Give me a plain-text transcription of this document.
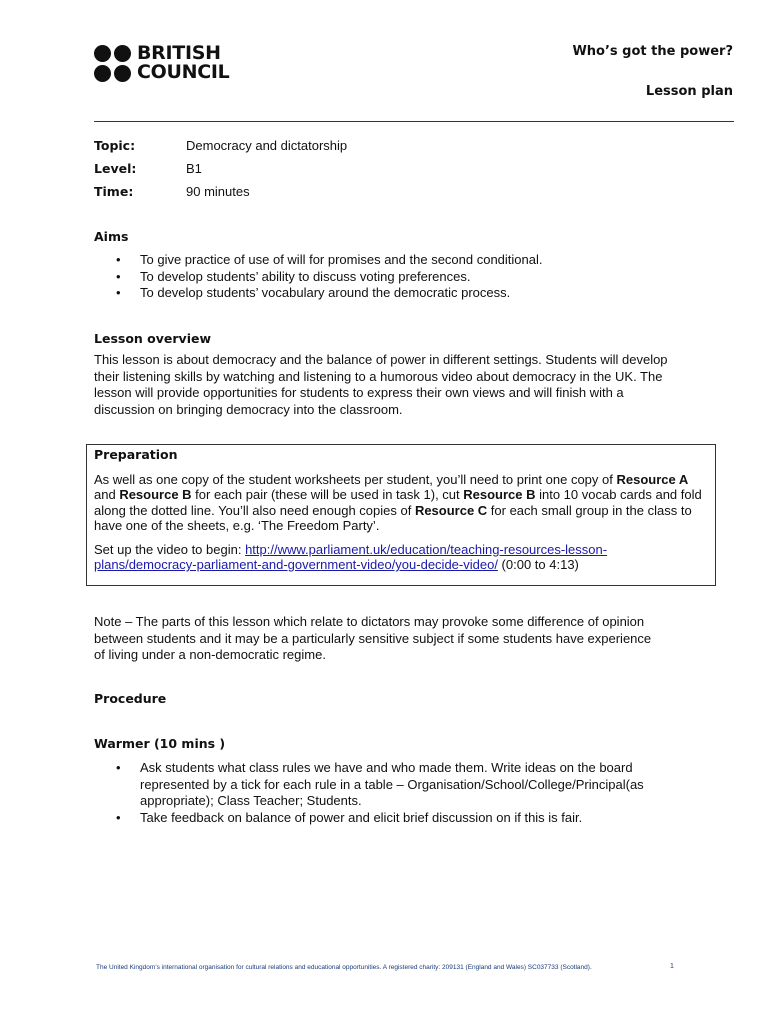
BRITISH
COUNCIL
Who’s got the power?
Lesson plan
Topic:	Democracy and dictatorship
Level:	B1
Time:	90 minutes
Aims
• To give practice of use of will for promises and the second conditional.
• To develop students’ ability to discuss voting preferences.
• To develop students’ vocabulary around the democratic process.
Lesson overview
This lesson is about democracy and the balance of power in different settings. Students will develop their listening skills by watching and listening to a humorous video about democracy in the UK. The lesson will provide opportunities for students to express their own views and will finish with a discussion on bringing democracy into the classroom.
Preparation
As well as one copy of the student worksheets per student, you’ll need to print one copy of Resource A and Resource B for each pair (these will be used in task 1), cut Resource B into 10 vocab cards and fold along the dotted line. You’ll also need enough copies of Resource C for each small group in the class to have one of the sheets, e.g. ‘The Freedom Party’.
Set up the video to begin: http://www.parliament.uk/education/teaching-resources-lesson-plans/democracy-parliament-and-government-video/you-decide-video/ (0:00 to 4:13)
Note – The parts of this lesson which relate to dictators may provoke some difference of opinion between students and it may be a particularly sensitive subject if some students have experience of living under a non-democratic regime.
Procedure
Warmer (10 mins )
• Ask students what class rules we have and who made them. Write ideas on the board represented by a tick for each rule in a table – Organisation/School/College/Principal(as appropriate); Class Teacher; Students.
• Take feedback on balance of power and elicit brief discussion on if this is fair.
The United Kingdom’s international organisation for cultural relations and educational opportunities. A registered charity: 209131 (England and Wales) SC037733 (Scotland).	1
